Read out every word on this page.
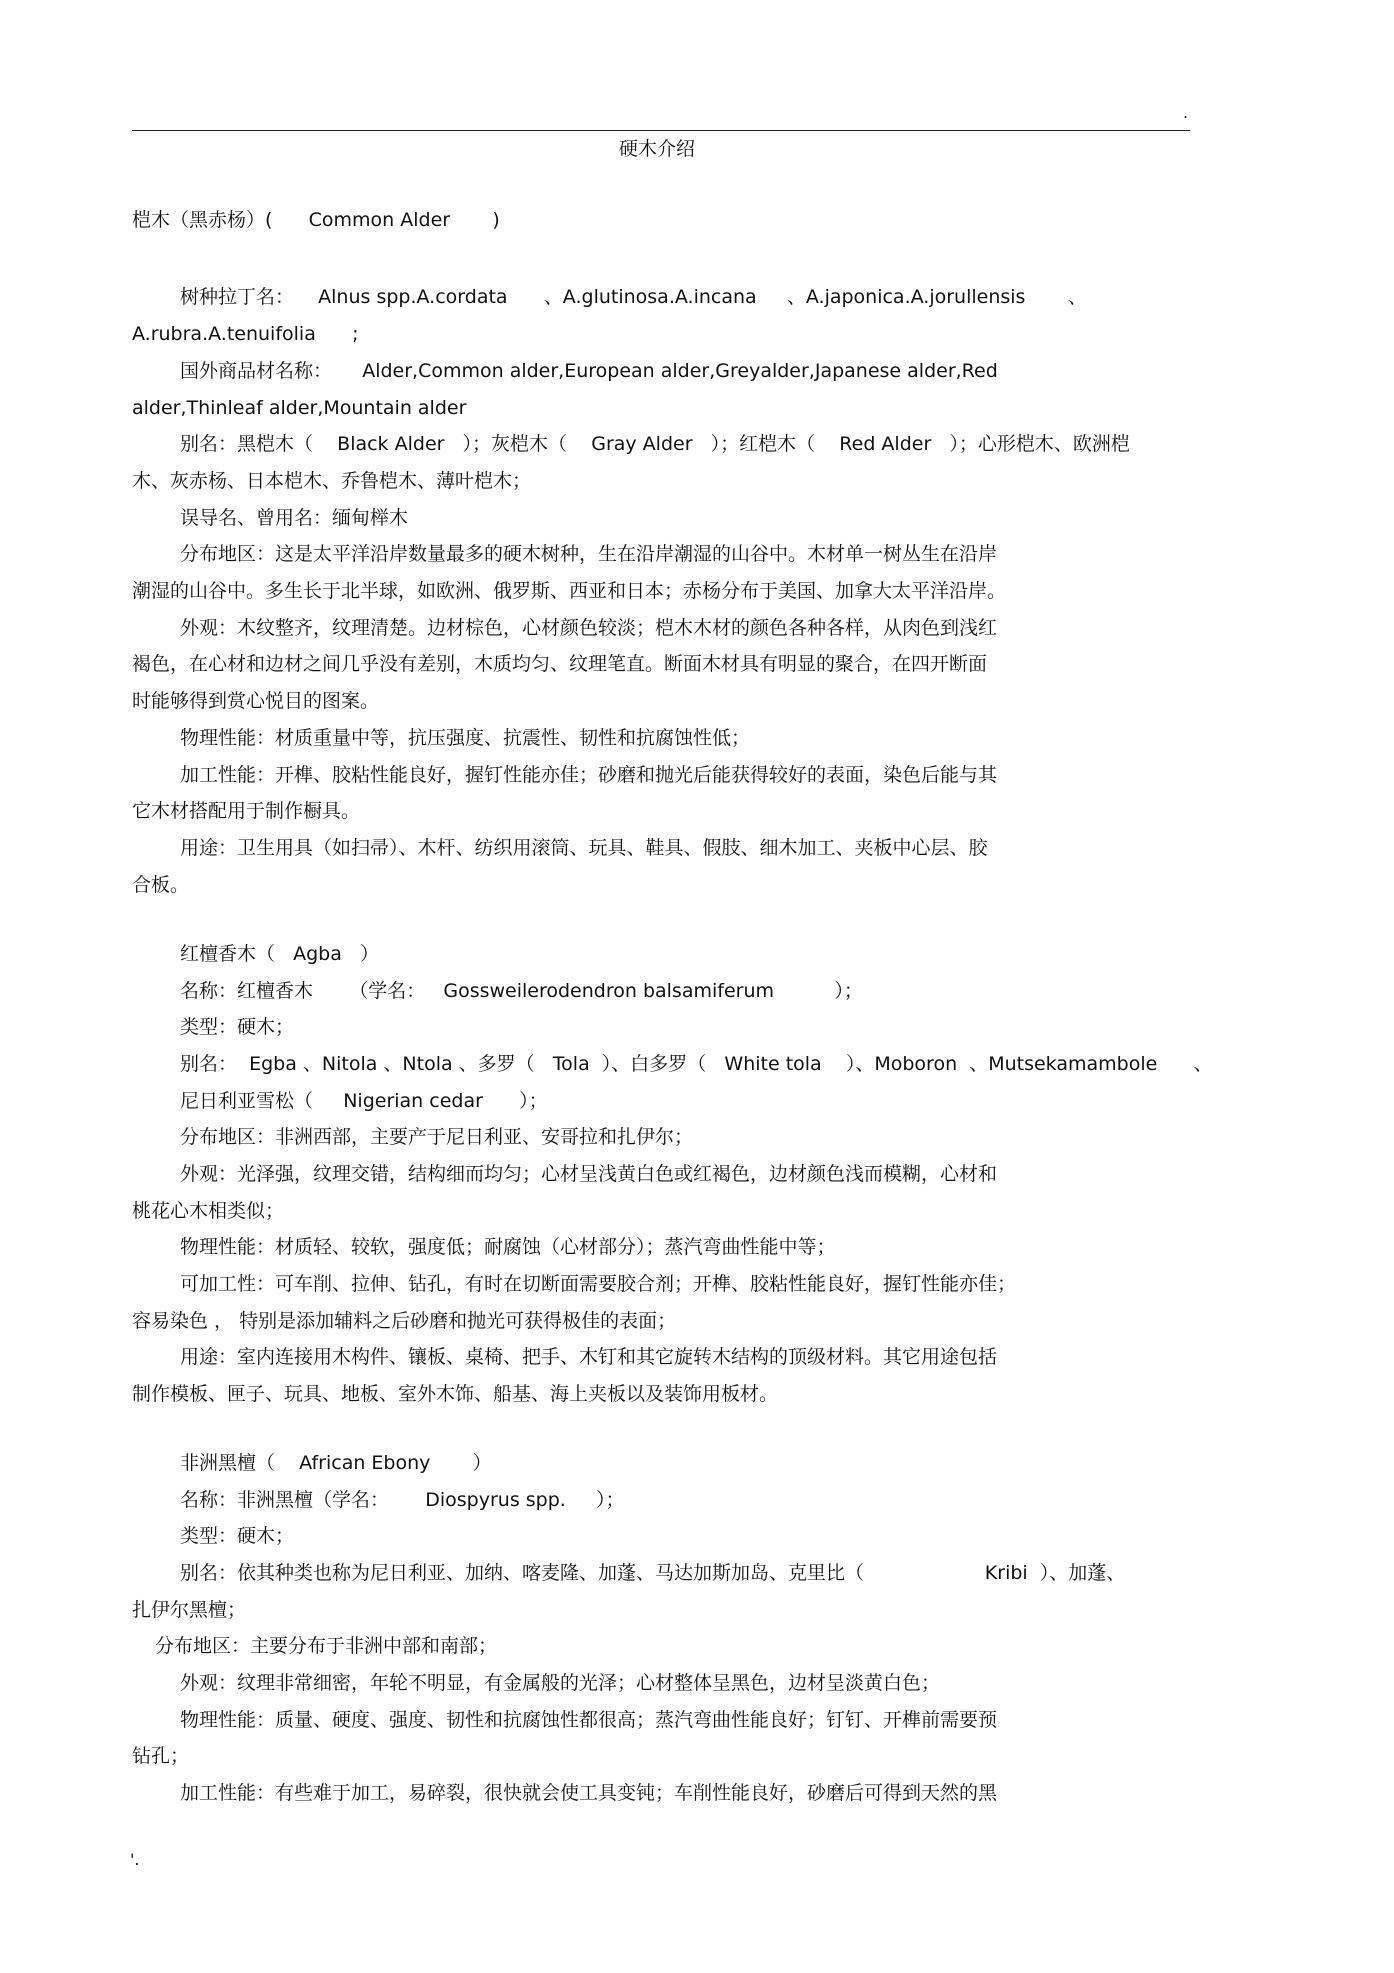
.
硬木介绍
桤木（黑赤杨）(      Common Alder       )
树种拉丁名：    Alnus spp.A.cordata      、A.glutinosa.A.incana     、A.japonica.A.jorullensis       、
A.rubra.A.tenuifolia      ;
国外商品材名称：     Alder,Common alder,European alder,Greyalder,Japanese alder,Red
alder,Thinleaf alder,Mountain alder
别名：黑桤木（    Black Alder   ）；灰桤木（    Gray Alder   ）；红桤木（    Red Alder   ）；心形桤木、欧洲桤
木、灰赤杨、日本桤木、乔鲁桤木、薄叶桤木；
误导名、曾用名：缅甸榉木
分布地区：这是太平洋沿岸数量最多的硬木树种，生在沿岸潮湿的山谷中。木材单一树丛生在沿岸
潮湿的山谷中。多生长于北半球，如欧洲、俄罗斯、西亚和日本；赤杨分布于美国、加拿大太平洋沿岸。
外观：木纹整齐，纹理清楚。边材棕色，心材颜色较淡；桤木木材的颜色各种各样，从肉色到浅红
褐色，在心材和边材之间几乎没有差别，木质均匀、纹理笔直。断面木材具有明显的聚合，在四开断面
时能够得到赏心悦目的图案。
物理性能：材质重量中等，抗压强度、抗震性、韧性和抗腐蚀性低；
加工性能：开榫、胶粘性能良好，握钉性能亦佳；砂磨和抛光后能获得较好的表面，染色后能与其
它木材搭配用于制作橱具。
用途：卫生用具（如扫帚）、木杆、纺织用滚筒、玩具、鞋具、假肢、细木加工、夹板中心层、胶
合板。
红檀香木（   Agba   ）
名称：红檀香木      （学名：   Gossweilerodendron balsamiferum          ）；
类型：硬木；
别名：  Egba 、Nitola 、Ntola 、多罗（   Tola  ）、白多罗（   White tola    ）、Moboron  、Mutsekamambole      、
尼日利亚雪松（     Nigerian cedar      ）；
分布地区：非洲西部，主要产于尼日利亚、安哥拉和扎伊尔；
外观：光泽强，纹理交错，结构细而均匀；心材呈浅黄白色或红褐色，边材颜色浅而模糊，心材和
桃花心木相类似；
物理性能：材质轻、较软，强度低；耐腐蚀（心材部分）；蒸汽弯曲性能中等；
可加工性：可车削、拉伸、钻孔，有时在切断面需要胶合剂；开榫、胶粘性能良好，握钉性能亦佳；
容易染色 ， 特别是添加辅料之后砂磨和抛光可获得极佳的表面；
用途：室内连接用木构件、镶板、桌椅、把手、木钉和其它旋转木结构的顶级材料。其它用途包括
制作模板、匣子、玩具、地板、室外木饰、船基、海上夹板以及装饰用板材。
非洲黑檀（    African Ebony       ）
名称：非洲黑檀（学名：      Diospyrus spp.     ）；
类型：硬木；
别名：依其种类也称为尼日利亚、加纳、喀麦隆、加蓬、马达加斯加岛、克里比（                    Kribi  ）、加蓬、
扎伊尔黑檀；
分布地区：主要分布于非洲中部和南部；
外观：纹理非常细密，年轮不明显，有金属般的光泽；心材整体呈黑色，边材呈淡黄白色；
物理性能：质量、硬度、强度、韧性和抗腐蚀性都很高；蒸汽弯曲性能良好；钉钉、开榫前需要预
钻孔；
加工性能：有些难于加工，易碎裂，很快就会使工具变钝；车削性能良好，砂磨后可得到天然的黑
'.
